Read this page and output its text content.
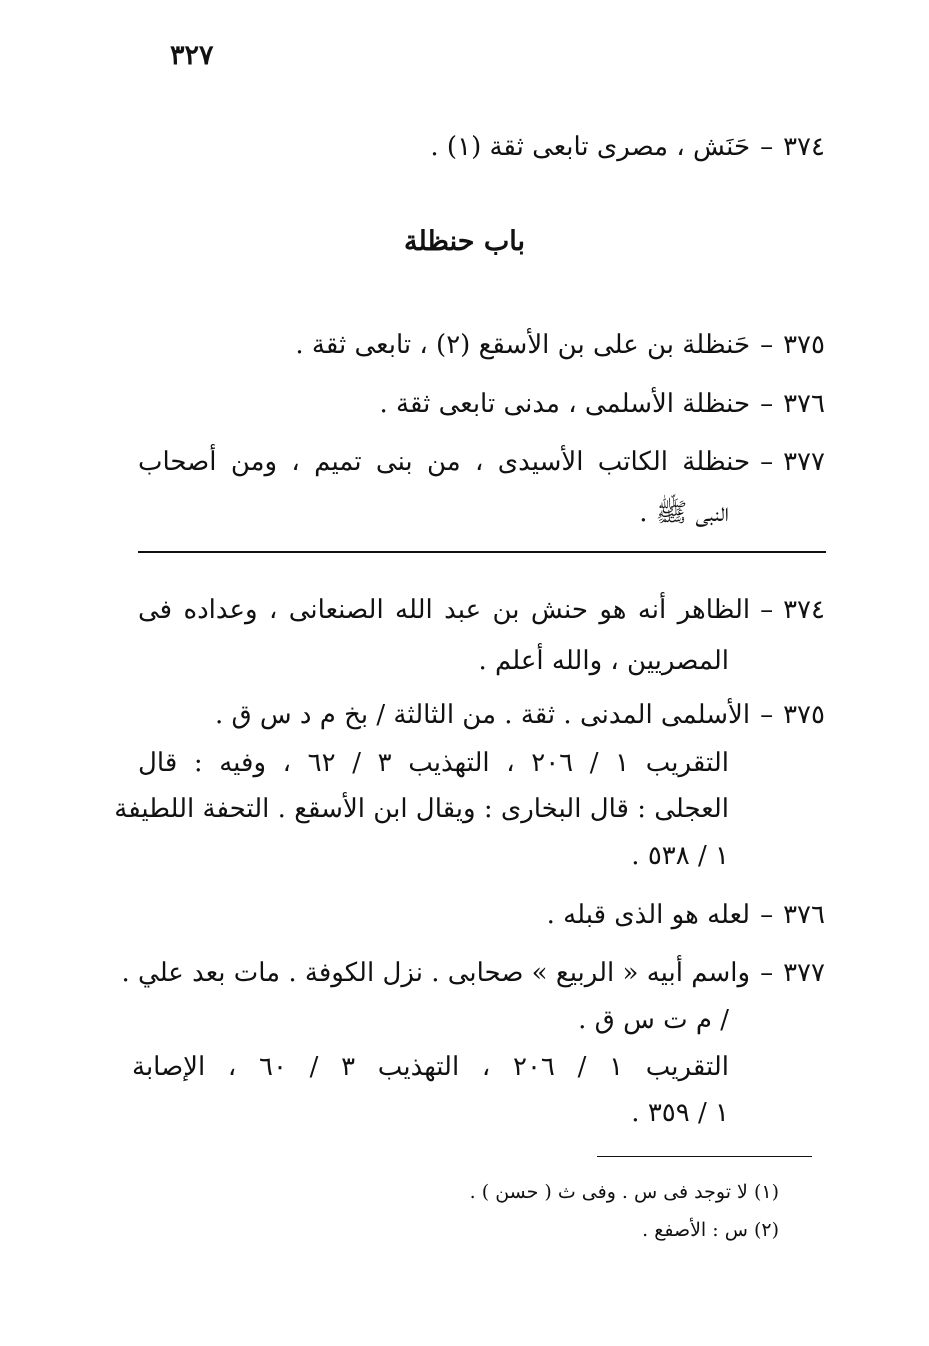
٣٢٧
٣٧٤–حَنَش ، مصرى تابعى ثقة (١) .
باب حنظلة
٣٧٥–حَنظلة بن على بن الأسقع (٢) ، تابعى ثقة .
٣٧٦–حنظلة الأسلمى ، مدنى تابعى ثقة .
٣٧٧–حنظلة الكاتب الأسيدى ، من بنى تميم ، ومن أصحاب
النبى ﷺ .
٣٧٤–الظاهر أنه هو حنش بن عبد الله الصنعانى ، وعداده فى
المصريين ، والله أعلم .
٣٧٥–الأسلمى المدنى . ثقة . من الثالثة / بخ م د س ق .
التقريب ١ / ٢٠٦ ، التهذيب ٣ / ٦٢ ، وفيه : قال
العجلى : قال البخارى : ويقال ابن الأسقع . التحفة اللطيفة
١ / ٥٣٨ .
٣٧٦–لعله هو الذى قبله .
٣٧٧–واسم أبيه « الربيع » صحابى . نزل الكوفة . مات بعد علي .
/ م ت س ق .
التقريب ١ / ٢٠٦ ، التهذيب ٣ / ٦٠ ، الإصابة
١ / ٣٥٩ .
(١) لا توجد فى س . وفى ث ( حسن ) .
(٢) س : الأصفع .
